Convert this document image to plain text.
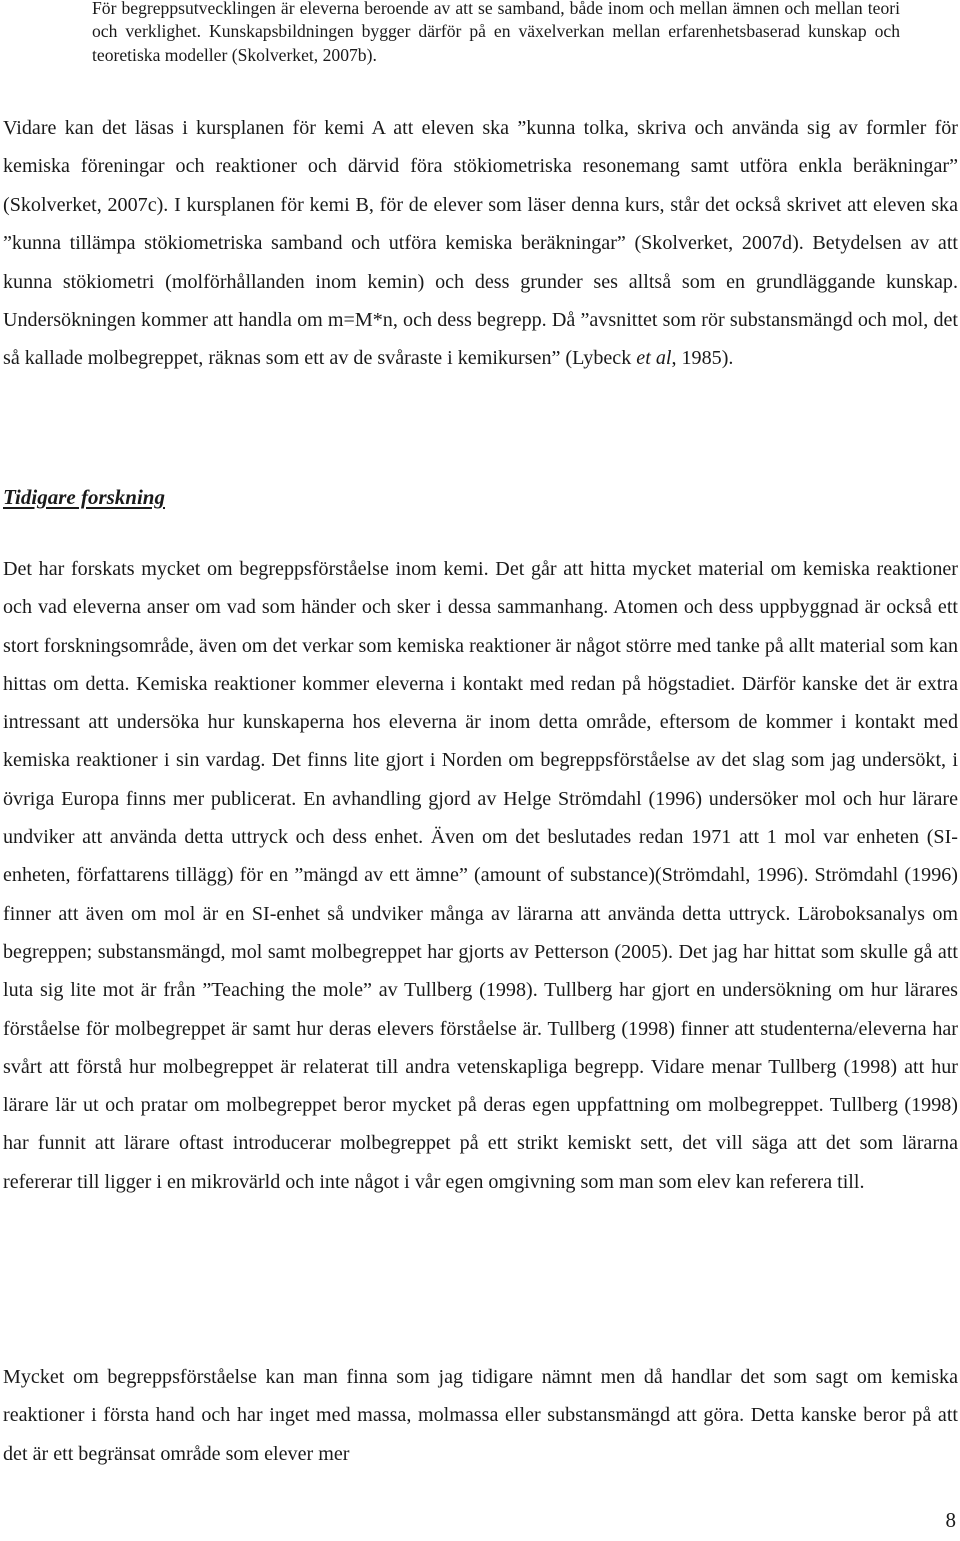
För begreppsutvecklingen är eleverna beroende av att se samband, både inom och mellan ämnen och mellan teori och verklighet. Kunskapsbildningen bygger därför på en växelverkan mellan erfarenhetsbaserad kunskap och teoretiska modeller (Skolverket, 2007b).

Vidare kan det läsas i kursplanen för kemi A att eleven ska ”kunna tolka, skriva och använda sig av formler för kemiska föreningar och reaktioner och därvid föra stökiometriska resonemang samt utföra enkla beräkningar” (Skolverket, 2007c). I kursplanen för kemi B, för de elever som läser denna kurs, står det också skrivet att eleven ska ”kunna tillämpa stökiometriska samband och utföra kemiska beräkningar” (Skolverket, 2007d). Betydelsen av att kunna stökiometri (molförhållanden inom kemin) och dess grunder ses alltså som en grundläggande kunskap. Undersökningen kommer att handla om m=M*n, och dess begrepp. Då ”avsnittet som rör substansmängd och mol, det så kallade molbegreppet, räknas som ett av de svåraste i kemikursen” (Lybeck et al, 1985).

Tidigare forskning

Det har forskats mycket om begreppsförståelse inom kemi. Det går att hitta mycket material om kemiska reaktioner och vad eleverna anser om vad som händer och sker i dessa sammanhang. Atomen och dess uppbyggnad är också ett stort forskningsområde, även om det verkar som kemiska reaktioner är något större med tanke på allt material som kan hittas om detta. Kemiska reaktioner kommer eleverna i kontakt med redan på högstadiet. Därför kanske det är extra intressant att undersöka hur kunskaperna hos eleverna är inom detta område, eftersom de kommer i kontakt med kemiska reaktioner i sin vardag. Det finns lite gjort i Norden om begreppsförståelse av det slag som jag undersökt, i övriga Europa finns mer publicerat. En avhandling gjord av Helge Strömdahl (1996) undersöker mol och hur lärare undviker att använda detta uttryck och dess enhet. Även om det beslutades redan 1971 att 1 mol var enheten (SI-enheten, författarens tillägg) för en ”mängd av ett ämne” (amount of substance)(Strömdahl, 1996). Strömdahl (1996) finner att även om mol är en SI-enhet så undviker många av lärarna att använda detta uttryck. Läroboksanalys om begreppen; substansmängd, mol samt molbegreppet har gjorts av Petterson (2005). Det jag har hittat som skulle gå att luta sig lite mot är från ”Teaching the mole” av Tullberg (1998). Tullberg har gjort en undersökning om hur lärares förståelse för molbegreppet är samt hur deras elevers förståelse är. Tullberg (1998) finner att studenterna/eleverna har svårt att förstå hur molbegreppet är relaterat till andra vetenskapliga begrepp. Vidare menar Tullberg (1998) att hur lärare lär ut och pratar om molbegreppet beror mycket på deras egen uppfattning om molbegreppet. Tullberg (1998) har funnit att lärare oftast introducerar molbegreppet på ett strikt kemiskt sett, det vill säga att det som lärarna refererar till ligger i en mikrovärld och inte något i vår egen omgivning som man som elev kan referera till.

Mycket om begreppsförståelse kan man finna som jag tidigare nämnt men då handlar det som sagt om kemiska reaktioner i första hand och har inget med massa, molmassa eller substansmängd att göra. Detta kanske beror på att det är ett begränsat område som elever mer

8
